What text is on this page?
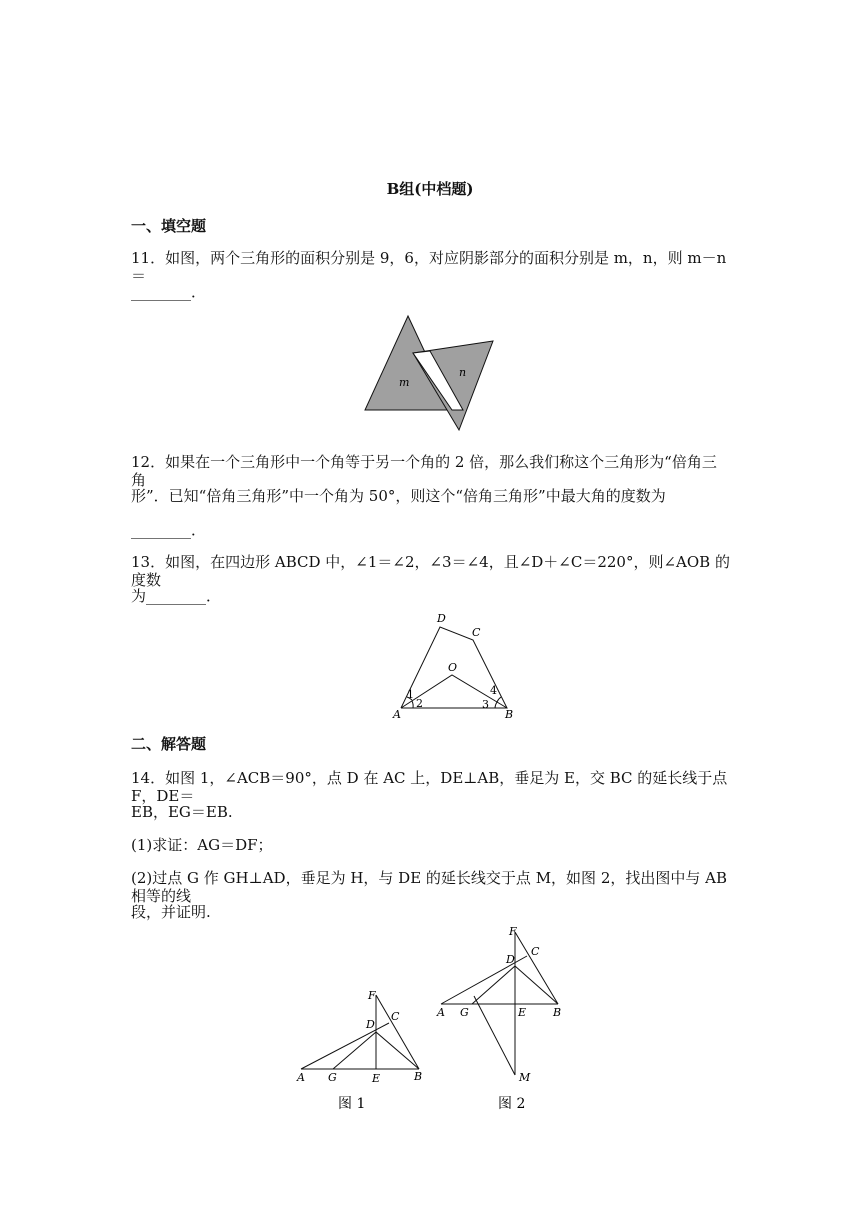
B组(中档题)
一、填空题
11．如图，两个三角形的面积分别是 9，6，对应阴影部分的面积分别是 m，n，则 m－n＝
________．
m
n
12．如果在一个三角形中一个角等于另一个角的 2 倍，那么我们称这个三角形为“倍角三角
形”．已知“倍角三角形”中一个角为 50°，则这个“倍角三角形”中最大角的度数为
________．
13．如图，在四边形 ABCD 中，∠1＝∠2，∠3＝∠4，且∠D＋∠C＝220°，则∠AOB 的度数
为________．
D
C
O
A	B
1
2	3
4
二、解答题
14．如图 1，∠ACB＝90°，点 D 在 AC 上，DE⊥AB，垂足为 E，交 BC 的延长线于点 F，DE＝
EB，EG＝EB.
(1)求证：AG＝DF；
(2)过点 G 作 GH⊥AD，垂足为 H，与 DE 的延长线交于点 M，如图 2，找出图中与 AB 相等的线
段，并证明.
F
C
D
A G	E	B
图 1
F
C
D
A G	E B
M
图 2
